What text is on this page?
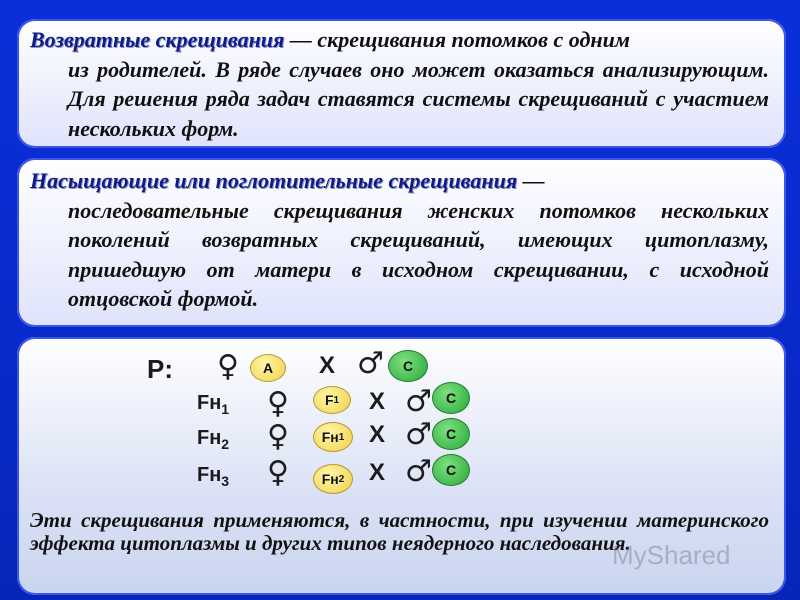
Возвратные скрещивания — скрещивания потомков с одним
из родителей. В ряде случаев оно может оказаться анализирующим. Для решения ряда задач ставятся системы скрещиваний с участием нескольких форм.
Насыщающие или поглотительные скрещивания —
последовательные скрещивания женских потомков нескольких поколений возвратных скрещиваний, имеющих цитоплазму, пришедшую от матери в исходном скрещивании, с исходной отцовской формой.
P: ♀ A X ♂ C
$Fн_1$ ♀	F 1 X ♂ C
$Fн_2$ ♀ Fн 1 X ♂ C
$Fн_3$ ♀ Fн 2 X ♂ C
Эти скрещивания применяются, в частности, при изучении материнского эффекта цитоплазмы и других типов неядерного наследования.
MyShared
